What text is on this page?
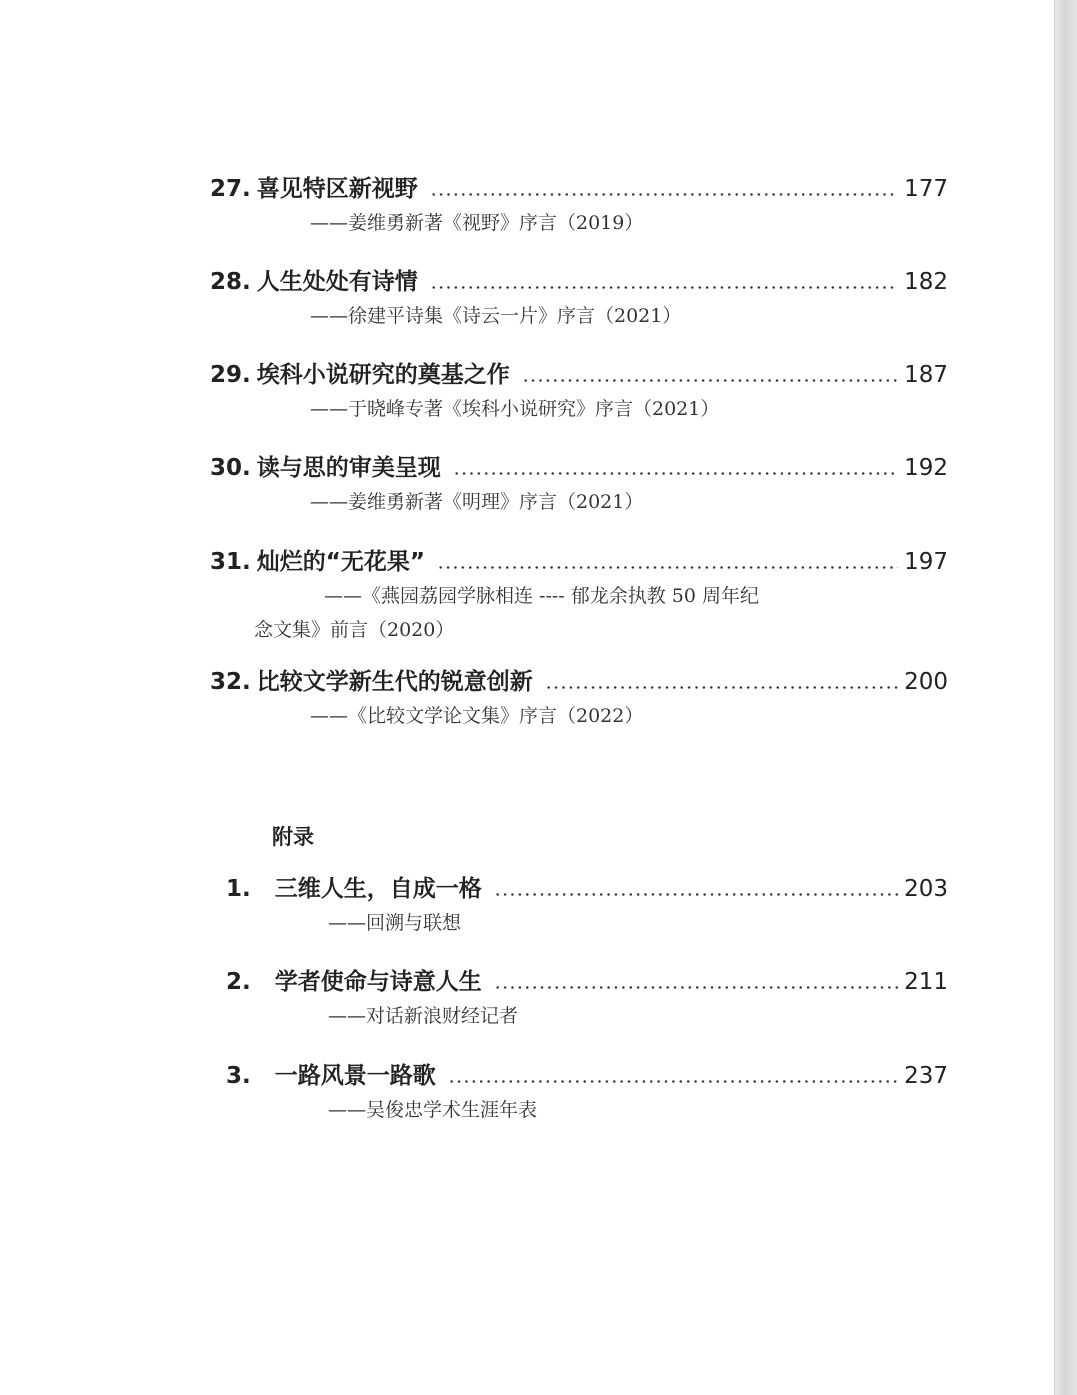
27. 喜见特区新视野	177
——姜维勇新著《视野》序言（2019）
28. 人生处处有诗情	182
——徐建平诗集《诗云一片》序言（2021）
29. 埃科小说研究的奠基之作	187
——于晓峰专著《埃科小说研究》序言（2021）
30. 读与思的审美呈现	192
——姜维勇新著《明理》序言（2021）
31. 灿烂的“无花果”	197
——《燕园荔园学脉相连 ---- 郁龙余执教 50 周年纪
念文集》前言（2020）
32. 比较文学新生代的锐意创新	200
——《比较文学论文集》序言（2022）
附录
1. 三维人生，自成一格	203
——回溯与联想
2. 学者使命与诗意人生	211
——对话新浪财经记者
3. 一路风景一路歌	237
——吴俊忠学术生涯年表
